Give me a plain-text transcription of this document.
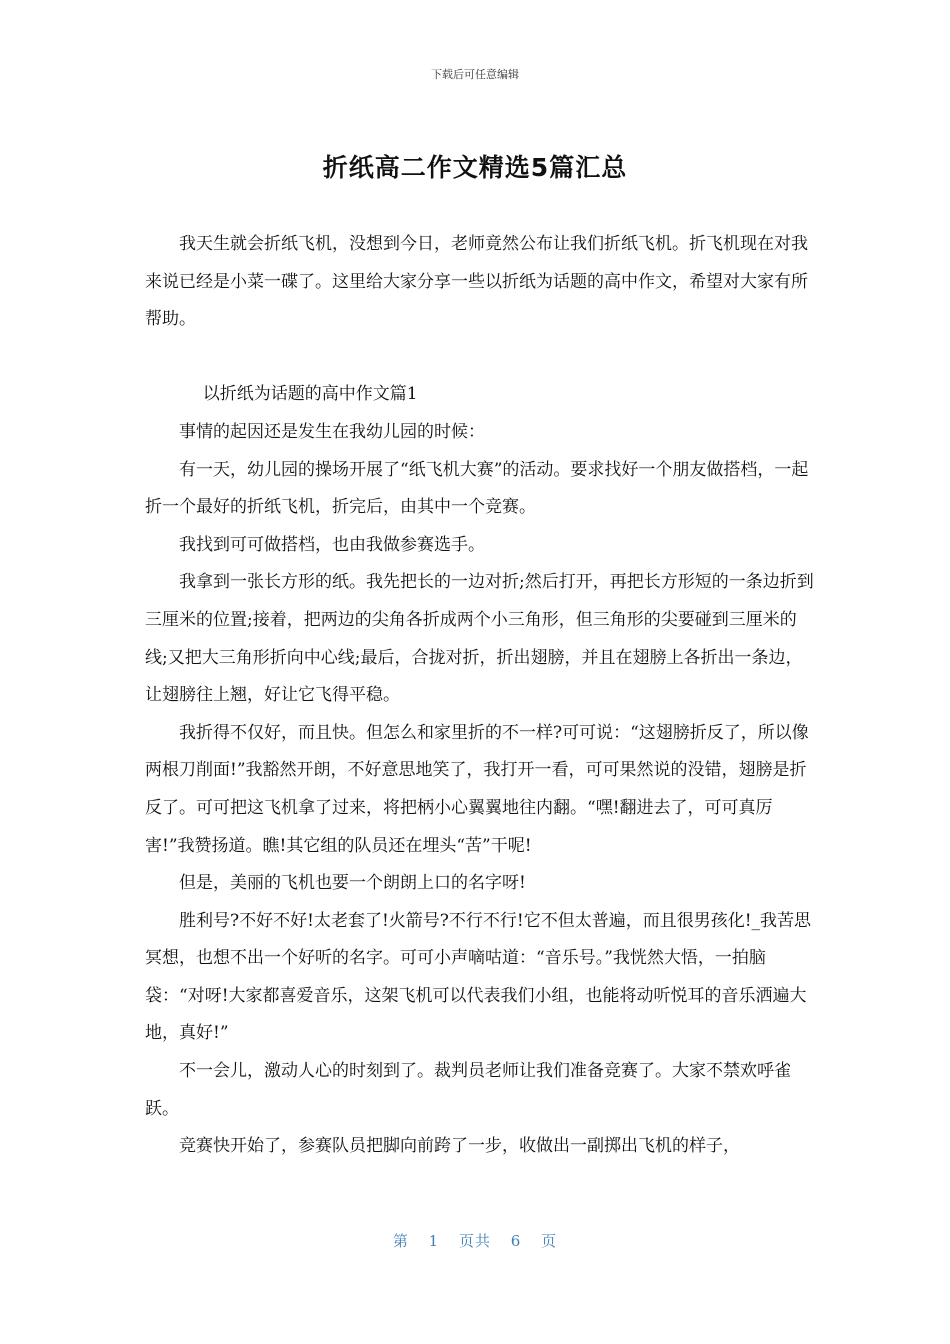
下载后可任意编辑
折纸高二作文精选5篇汇总

我天生就会折纸飞机，没想到今日，老师竟然公布让我们折纸飞机。折飞机现在对我来说已经是小菜一碟了。这里给大家分享一些以折纸为话题的高中作文，希望对大家有所帮助。

以折纸为话题的高中作文篇1

事情的起因还是发生在我幼儿园的时候：

有一天，幼儿园的操场开展了“纸飞机大赛”的活动。要求找好一个朋友做搭档，一起折一个最好的折纸飞机，折完后，由其中一个竞赛。

我找到可可做搭档，也由我做参赛选手。

我拿到一张长方形的纸。我先把长的一边对折;然后打开，再把长方形短的一条边折到三厘米的位置;接着，把两边的尖角各折成两个小三角形，但三角形的尖要碰到三厘米的线;又把大三角形折向中心线;最后，合拢对折，折出翅膀，并且在翅膀上各折出一条边，让翅膀往上翘，好让它飞得平稳。

我折得不仅好，而且快。但怎么和家里折的不一样?可可说：“这翅膀折反了，所以像两根刀削面!”我豁然开朗，不好意思地笑了，我打开一看，可可果然说的没错，翅膀是折反了。可可把这飞机拿了过来，将把柄小心翼翼地往内翻。“嘿!翻进去了，可可真厉害!”我赞扬道。瞧!其它组的队员还在埋头“苦”干呢!

但是，美丽的飞机也要一个朗朗上口的名字呀!

胜利号?不好不好!太老套了!火箭号?不行不行!它不但太普遍，而且很男孩化!_我苦思冥想，也想不出一个好听的名字。可可小声嘀咕道：“音乐号。”我恍然大悟，一拍脑袋：“对呀!大家都喜爱音乐，这架飞机可以代表我们小组，也能将动听悦耳的音乐洒遍大地，真好!”

不一会儿，激动人心的时刻到了。裁判员老师让我们准备竞赛了。大家不禁欢呼雀跃。

竞赛快开始了，参赛队员把脚向前跨了一步，收做出一副掷出飞机的样子，

第 1 页共 6 页
